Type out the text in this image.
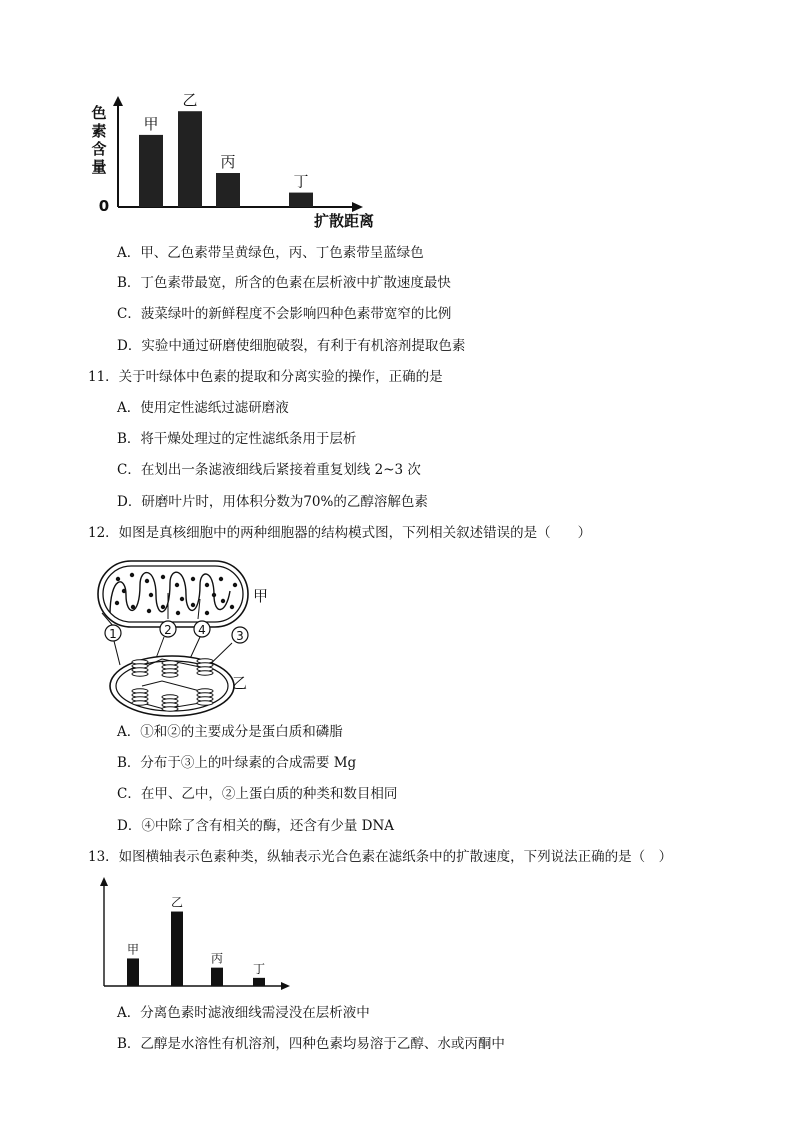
色
素
含
量
0
扩散距离
甲
乙
丙
丁
A．甲、乙色素带呈黄绿色，丙、丁色素带呈蓝绿色
B．丁色素带最宽，所含的色素在层析液中扩散速度最快
C．菠菜绿叶的新鲜程度不会影响四种色素带宽窄的比例
D．实验中通过研磨使细胞破裂，有利于有机溶剂提取色素
11．关于叶绿体中色素的提取和分离实验的操作，正确的是
A．使用定性滤纸过滤研磨液
B．将干燥处理过的定性滤纸条用于层析
C．在划出一条滤液细线后紧接着重复划线 2~3 次
D．研磨叶片时，用体积分数为70%的乙醇溶解色素
12．如图是真核细胞中的两种细胞器的结构模式图，下列相关叙述错误的是（　　）
甲
1	2 4	3
乙
A．①和②的主要成分是蛋白质和磷脂
B．分布于③上的叶绿素的合成需要 Mg
C．在甲、乙中，②上蛋白质的种类和数目相同
D．④中除了含有相关的酶，还含有少量 DNA
13．如图横轴表示色素种类，纵轴表示光合色素在滤纸条中的扩散速度，下列说法正确的是（　）
甲
乙
丙
丁
A．分离色素时滤液细线需浸没在层析液中
B．乙醇是水溶性有机溶剂，四种色素均易溶于乙醇、水或丙酮中
